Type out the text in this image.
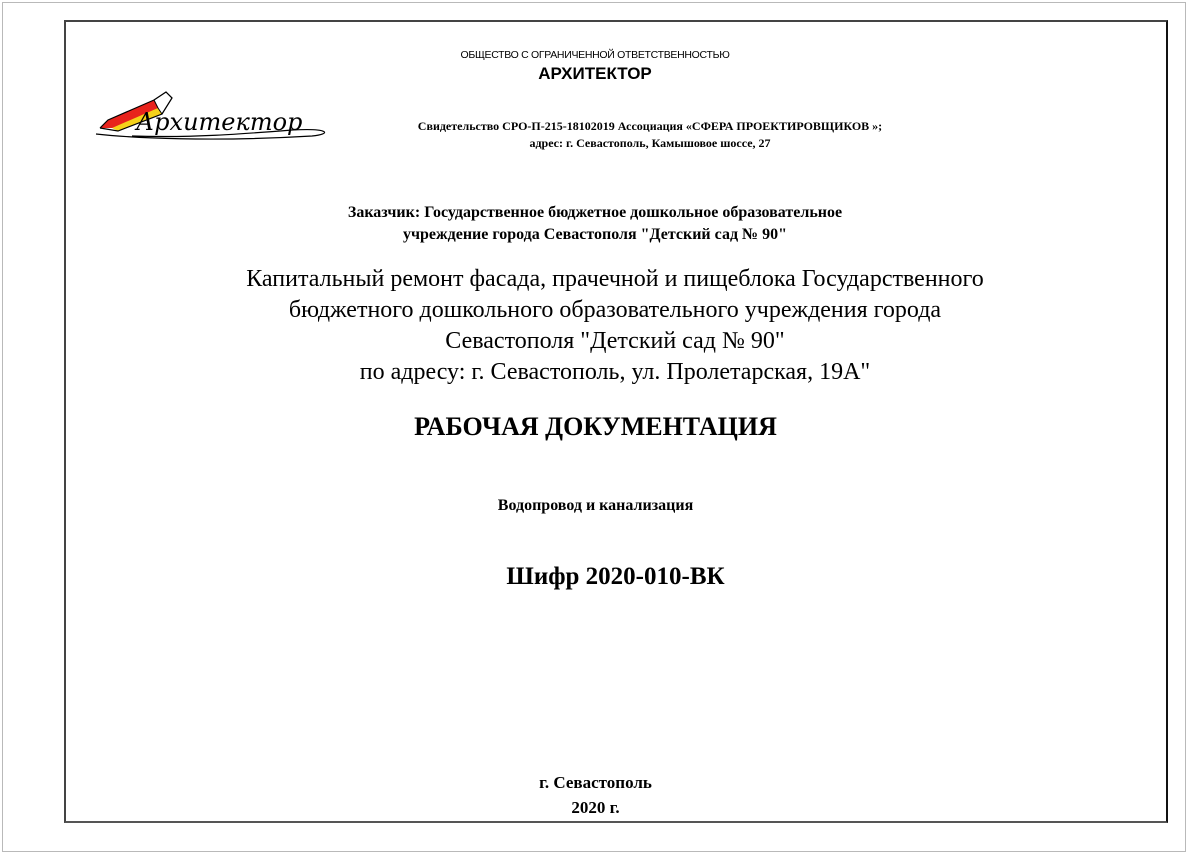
ОБЩЕСТВО С ОГРАНИЧЕННОЙ ОТВЕТСТВЕННОСТЬЮ
АРХИТЕКТОР
Архитектор	Свидетельство СРО-П-215-18102019 Ассоциация «СФЕРА ПРОЕКТИРОВЩИКОВ »;
адрес: г. Севастополь, Камышовое шоссе, 27
Заказчик: Государственное бюджетное дошкольное образовательное
учреждение города Севастополя "Детский сад № 90"
Капитальный ремонт фасада, прачечной и пищеблока Государственного
бюджетного дошкольного образовательного учреждения города
Севастополя "Детский сад № 90"
по адресу: г. Севастополь, ул. Пролетарская, 19А"
РАБОЧАЯ ДОКУМЕНТАЦИЯ
Водопровод и канализация
Шифр 2020-010-ВК
г. Севастополь
2020 г.
